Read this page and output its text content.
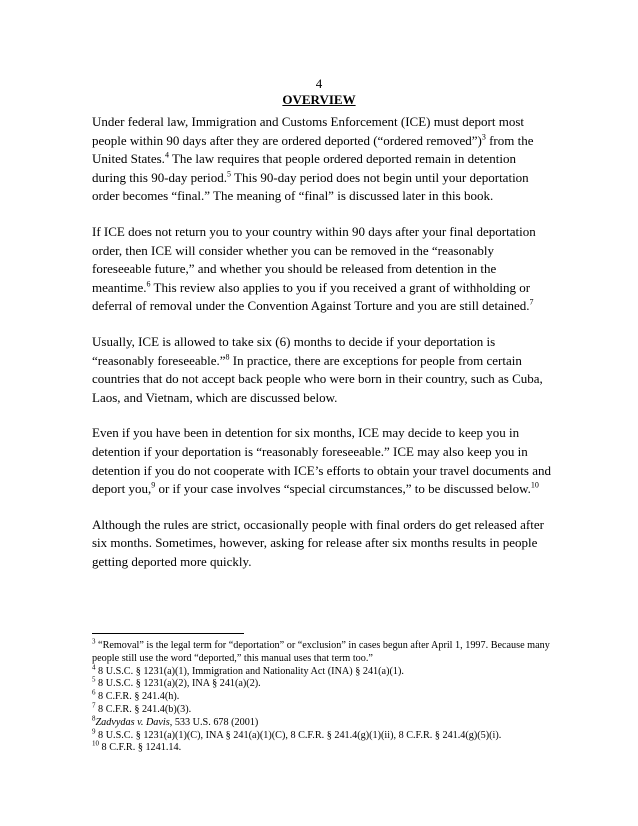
4
OVERVIEW

Under federal law, Immigration and Customs Enforcement (ICE) must deport most people within 90 days after they are ordered deported (“ordered removed”)$^3$ from the United States.$^4$ The law requires that people ordered deported remain in detention during this 90-day period.$^5$ This 90-day period does not begin until your deportation order becomes “final.” The meaning of “final” is discussed later in this book.

If ICE does not return you to your country within 90 days after your final deportation order, then ICE will consider whether you can be removed in the “reasonably foreseeable future,” and whether you should be released from detention in the meantime.$^6$ This review also applies to you if you received a grant of withholding or deferral of removal under the Convention Against Torture and you are still detained.$^7$

Usually, ICE is allowed to take six (6) months to decide if your deportation is “reasonably foreseeable.”$^8$ In practice, there are exceptions for people from certain countries that do not accept back people who were born in their country, such as Cuba, Laos, and Vietnam, which are discussed below.

Even if you have been in detention for six months, ICE may decide to keep you in detention if your deportation is “reasonably foreseeable.” ICE may also keep you in detention if you do not cooperate with ICE’s efforts to obtain your travel documents and deport you,$^9$ or if your case involves “special circumstances,” to be discussed below.$^{10}$

Although the rules are strict, occasionally people with final orders do get released after six months. Sometimes, however, asking for release after six months results in people getting deported more quickly.

$^3$ “Removal” is the legal term for “deportation” or “exclusion” in cases begun after April 1, 1997. Because many people still use the word “deported,” this manual uses that term too.”

$^4$ 8 U.S.C. § 1231(a)(1), Immigration and Nationality Act (INA) § 241(a)(1).

$^5$ 8 U.S.C. § 1231(a)(2), INA § 241(a)(2).

$^6$ 8 C.F.R. § 241.4(h).

$^7$ 8 C.F.R. § 241.4(b)(3).

$^8$Zadvydas v. Davis, 533 U.S. 678 (2001)

$^9$ 8 U.S.C. § 1231(a)(1)(C), INA § 241(a)(1)(C), 8 C.F.R. § 241.4(g)(1)(ii), 8 C.F.R. § 241.4(g)(5)(i).

$^{10}$ 8 C.F.R. § 1241.14.
